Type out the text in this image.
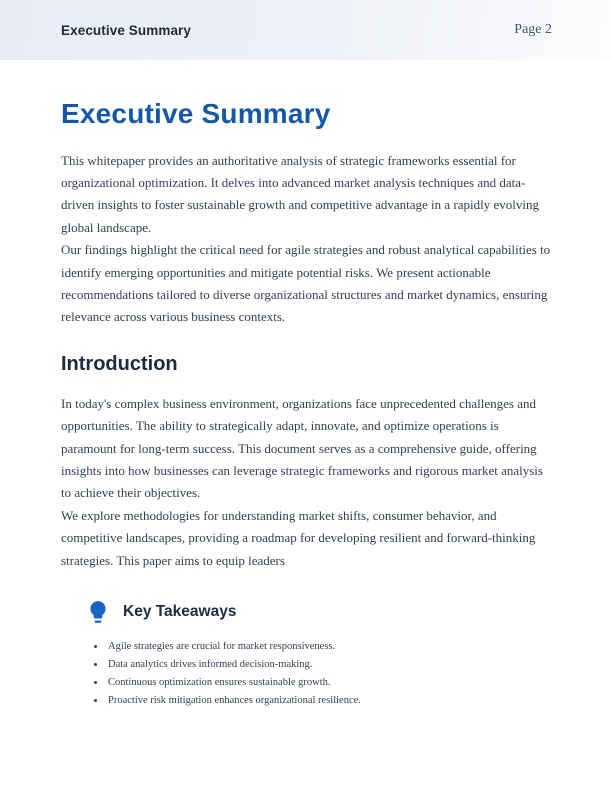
Executive Summary	Page 2
Executive Summary

This whitepaper provides an authoritative analysis of strategic frameworks essential for organizational optimization. It delves into advanced market analysis techniques and data-driven insights to foster sustainable growth and competitive advantage in a rapidly evolving global landscape.

Our findings highlight the critical need for agile strategies and robust analytical capabilities to identify emerging opportunities and mitigate potential risks. We present actionable recommendations tailored to diverse organizational structures and market dynamics, ensuring relevance across various business contexts.

Introduction

In today's complex business environment, organizations face unprecedented challenges and opportunities. The ability to strategically adapt, innovate, and optimize operations is paramount for long-term success. This document serves as a comprehensive guide, offering insights into how businesses can leverage strategic frameworks and rigorous market analysis to achieve their objectives.

We explore methodologies for understanding market shifts, consumer behavior, and competitive landscapes, providing a roadmap for developing resilient and forward-thinking strategies. This paper aims to equip leaders

Key Takeaways
• Agile strategies are crucial for market responsiveness.
• Data analytics drives informed decision-making.
• Continuous optimization ensures sustainable growth.
• Proactive risk mitigation enhances organizational resilience.
